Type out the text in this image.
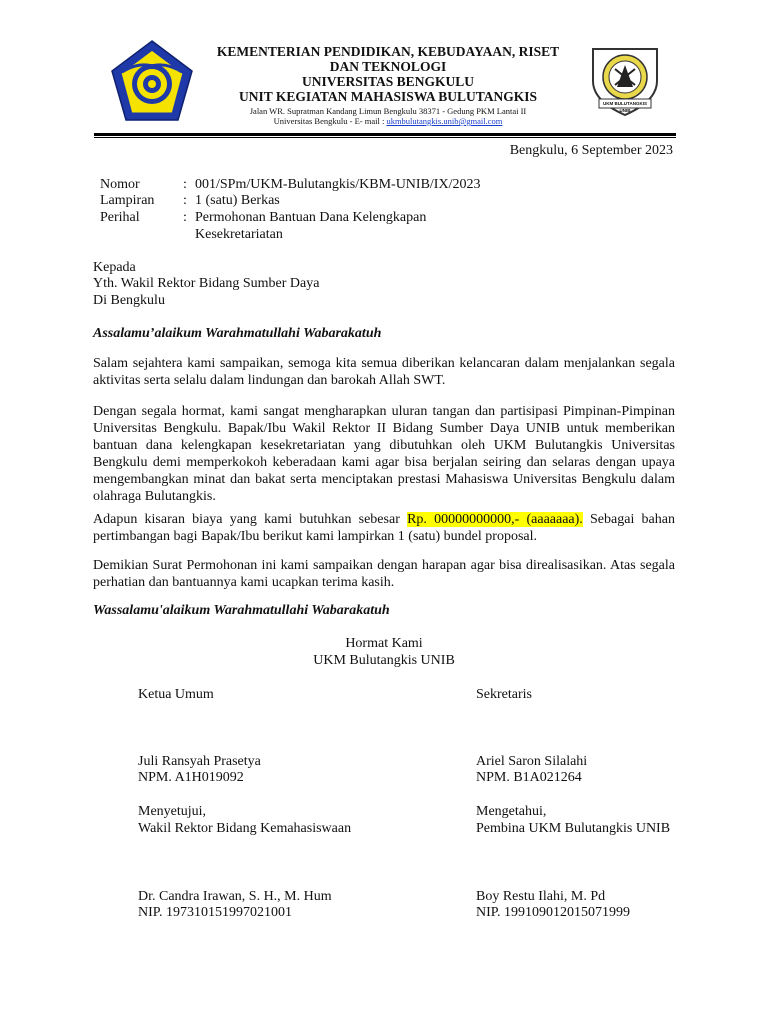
UKM BULUTANGKIS UNIB
KEMENTERIAN PENDIDIKAN, KEBUDAYAAN, RISET
DAN TEKNOLOGI
UNIVERSITAS BENGKULU
UNIT KEGIATAN MAHASISWA BULUTANGKIS
Jalan WR. Supratman Kandang Limun Bengkulu 38371 - Gedung PKM Lantai II
Universitas Bengkulu - E- mail : ukmbulutangkis.unib@gmail.com
Bengkulu, 6 September 2023
Nomor	: 001/SPm/UKM-Bulutangkis/KBM-UNIB/IX/2023
Lampiran	: 1 (satu) Berkas
Perihal	: Permohonan Bantuan Dana Kelengkapan
Kesekretariatan
Kepada
Yth. Wakil Rektor Bidang Sumber Daya
Di Bengkulu
Assalamu’alaikum Warahmatullahi Wabarakatuh
Salam sejahtera kami sampaikan, semoga kita semua diberikan kelancaran dalam menjalankan segala aktivitas serta selalu dalam lindungan dan barokah Allah SWT.
Dengan segala hormat, kami sangat mengharapkan uluran tangan dan partisipasi Pimpinan-Pimpinan Universitas Bengkulu. Bapak/Ibu Wakil Rektor II Bidang Sumber Daya UNIB untuk memberikan bantuan dana kelengkapan kesekretariatan yang dibutuhkan oleh UKM Bulutangkis Universitas Bengkulu demi memperkokoh keberadaan kami agar bisa berjalan seiring dan selaras dengan upaya mengembangkan minat dan bakat serta menciptakan prestasi Mahasiswa Universitas Bengkulu dalam olahraga Bulutangkis.
Adapun kisaran biaya yang kami butuhkan sebesar Rp. 00000000000,- (aaaaaaa). Sebagai bahan pertimbangan bagi Bapak/Ibu berikut kami lampirkan 1 (satu) bundel proposal.
Demikian Surat Permohonan ini kami sampaikan dengan harapan agar bisa direalisasikan. Atas segala perhatian dan bantuannya kami ucapkan terima kasih.
Wassalamu'alaikum Warahmatullahi Wabarakatuh
Hormat Kami
UKM Bulutangkis UNIB
Ketua Umum
Juli Ransyah Prasetya
NPM. A1H019092
Menyetujui,
Wakil Rektor Bidang Kemahasiswaan
Dr. Candra Irawan, S. H., M. Hum
NIP. 197310151997021001
Sekretaris
Ariel Saron Silalahi
NPM. B1A021264
Mengetahui,
Pembina UKM Bulutangkis UNIB
Boy Restu Ilahi, M. Pd
NIP. 199109012015071999
